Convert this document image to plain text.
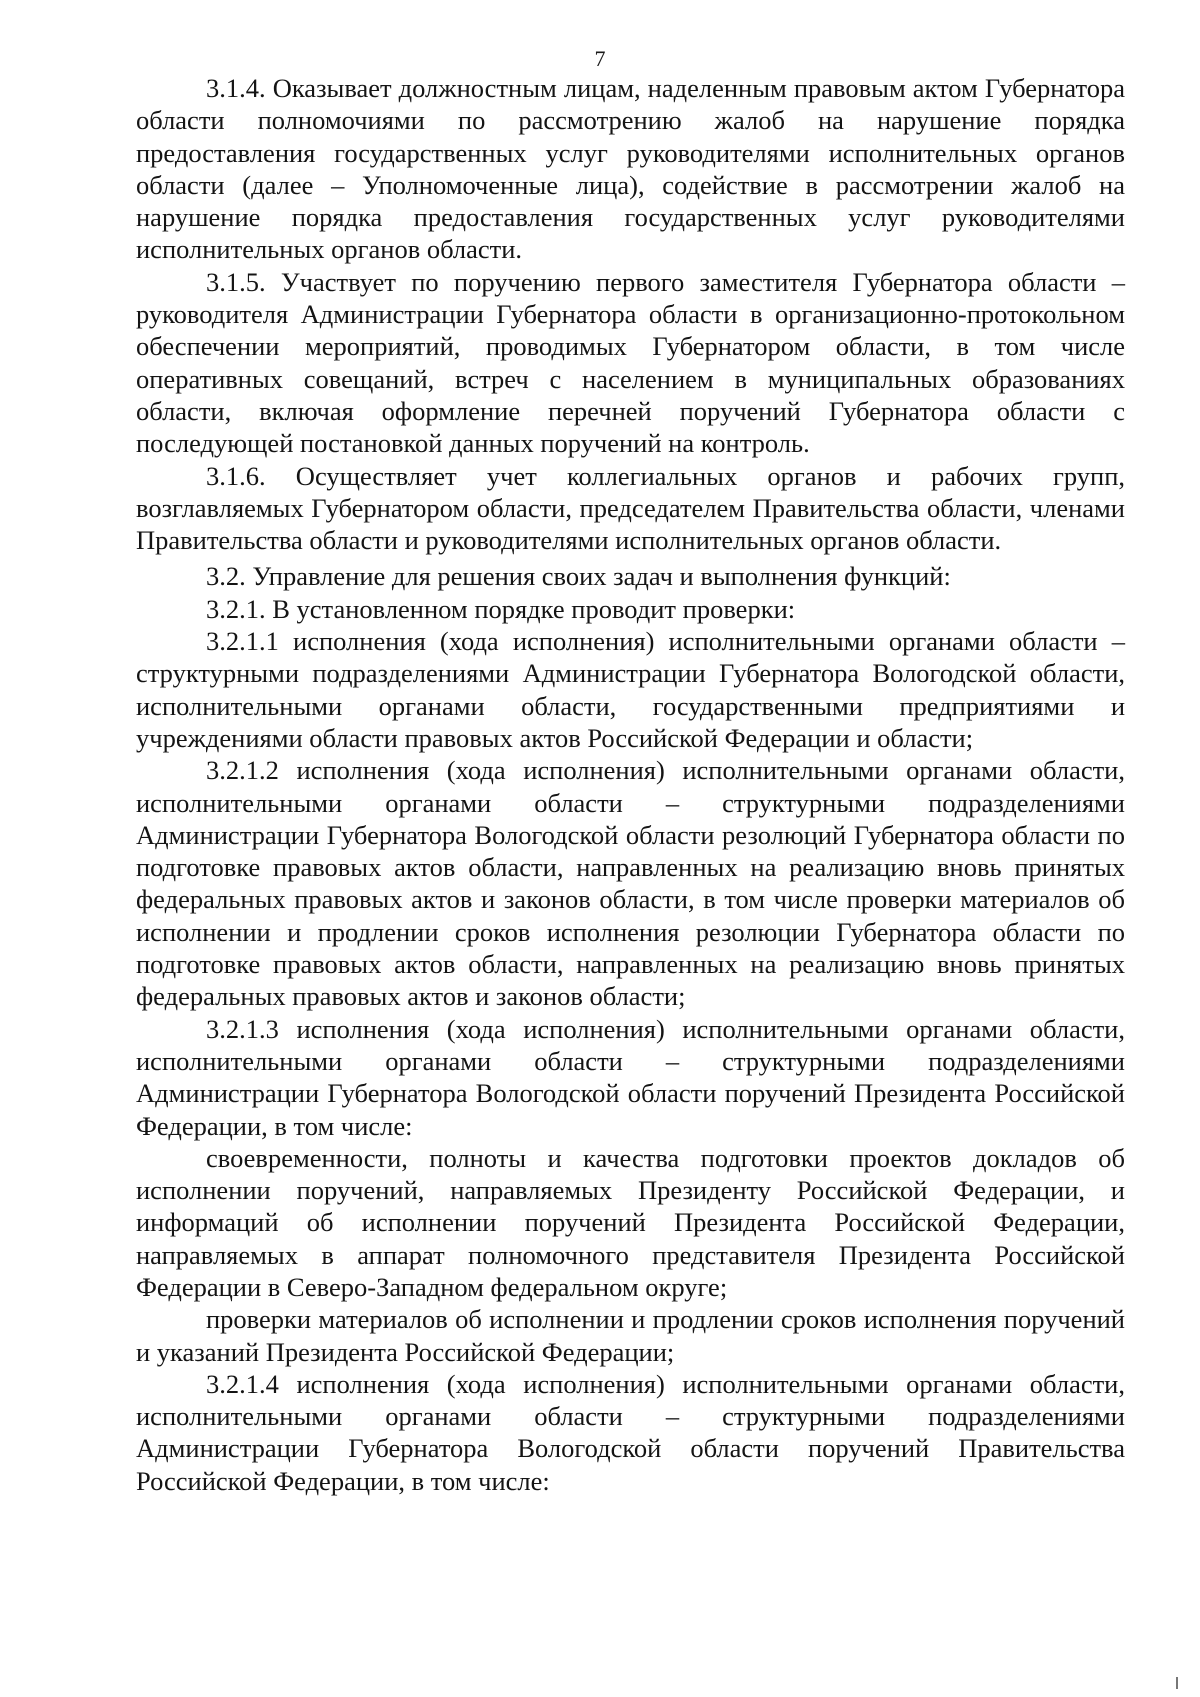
7

3.1.4. Оказывает должностным лицам, наделенным правовым актом Губернатора области полномочиями по рассмотрению жалоб на нарушение порядка предоставления государственных услуг руководителями исполнительных органов области (далее – Уполномоченные лица), содействие в рассмотрении жалоб на нарушение порядка предоставления государственных услуг руководителями исполнительных органов области.

3.1.5. Участвует по поручению первого заместителя Губернатора области – руководителя Администрации Губернатора области в организационно-протокольном обеспечении мероприятий, проводимых Губернатором области, в том числе оперативных совещаний, встреч с населением в муниципальных образованиях области, включая оформление перечней поручений Губернатора области с последующей постановкой данных поручений на контроль.

3.1.6. Осуществляет учет коллегиальных органов и рабочих групп, возглавляемых Губернатором области, председателем Правительства области, членами Правительства области и руководителями исполнительных органов области.

3.2. Управление для решения своих задач и выполнения функций:

3.2.1. В установленном порядке проводит проверки:

3.2.1.1 исполнения (хода исполнения) исполнительными органами области – структурными подразделениями Администрации Губернатора Вологодской области, исполнительными органами области, государственными предприятиями и учреждениями области правовых актов Российской Федерации и области;

3.2.1.2 исполнения (хода исполнения) исполнительными органами области, исполнительными органами области – структурными подразделениями Администрации Губернатора Вологодской области резолюций Губернатора области по подготовке правовых актов области, направленных на реализацию вновь принятых федеральных правовых актов и законов области, в том числе проверки материалов об исполнении и продлении сроков исполнения резолюции Губернатора области по подготовке правовых актов области, направленных на реализацию вновь принятых федеральных правовых актов и законов области;

3.2.1.3 исполнения (хода исполнения) исполнительными органами области, исполнительными органами области – структурными подразделениями Администрации Губернатора Вологодской области поручений Президента Российской Федерации, в том числе:

своевременности, полноты и качества подготовки проектов докладов об исполнении поручений, направляемых Президенту Российской Федерации, и информаций об исполнении поручений Президента Российской Федерации, направляемых в аппарат полномочного представителя Президента Российской Федерации в Северо-Западном федеральном округе;

проверки материалов об исполнении и продлении сроков исполнения поручений и указаний Президента Российской Федерации;

3.2.1.4 исполнения (хода исполнения) исполнительными органами области, исполнительными органами области – структурными подразделениями Администрации Губернатора Вологодской области поручений Правительства Российской Федерации, в том числе:
